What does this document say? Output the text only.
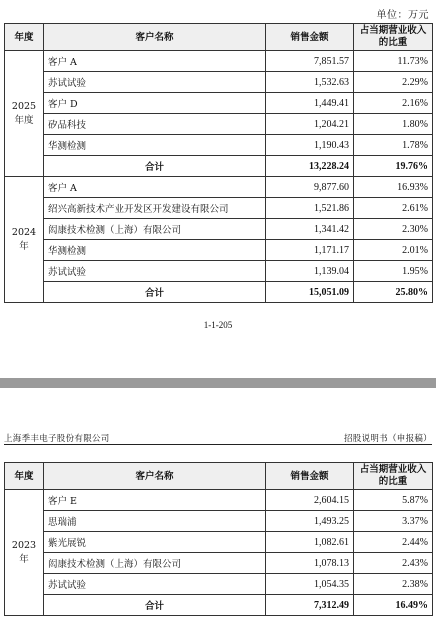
单位：万元
年度	客户名称	销售金额	占当期营业收入的比重
2025
年度	客户 A	7,851.57	11.73%
	苏试试验	1,532.63	2.29%
	客户 D	1,449.41	2.16%
	矽品科技	1,204.21	1.80%
	华测检测	1,190.43	1.78%
	合计	13,228.24	19.76%
2024
年	客户 A	9,877.60	16.93%
	绍兴高新技术产业开发区开发建设有限公司	1,521.86	2.61%
	闳康技术检测（上海）有限公司	1,341.42	2.30%
	华测检测	1,171.17	2.01%
	苏试试验	1,139.04	1.95%
	合计	15,051.09	25.80%
1-1-205
上海季丰电子股份有限公司	招股说明书（申报稿）
年度	客户名称	销售金额	占当期营业收入的比重
2023
年	客户 E	2,604.15	5.87%
	思瑞浦	1,493.25	3.37%
	紫光展锐	1,082.61	2.44%
	闳康技术检测（上海）有限公司	1,078.13	2.43%
	苏试试验	1,054.35	2.38%
	合计	7,312.49	16.49%
